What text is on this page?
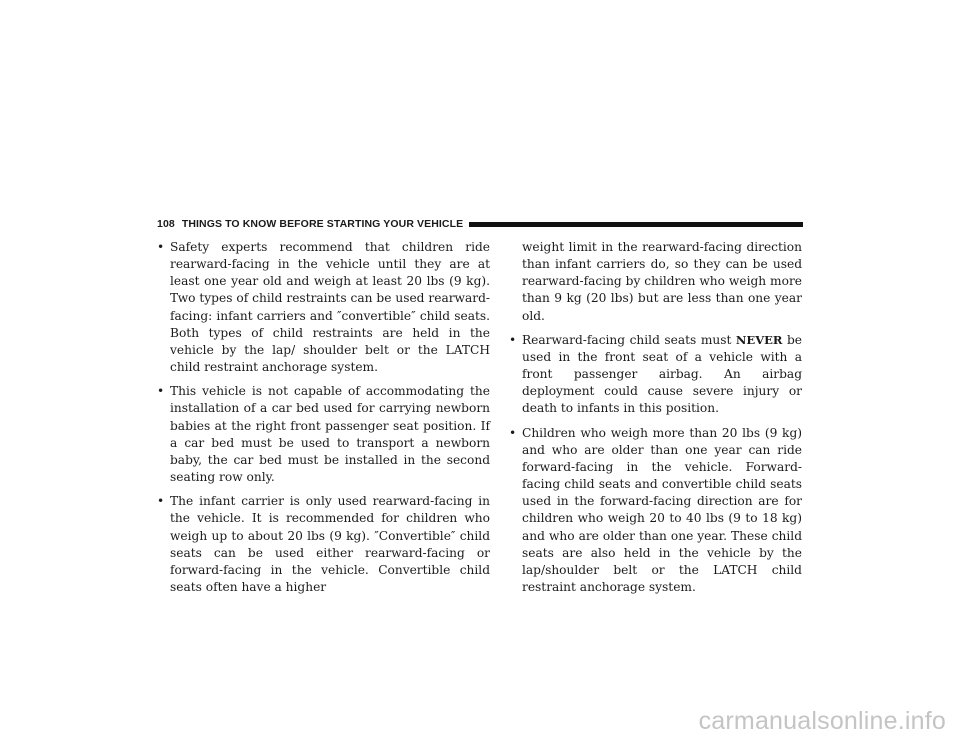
108 THINGS TO KNOW BEFORE STARTING YOUR VEHICLE
• Safety experts recommend that children ride rearward-facing in the vehicle until they are at least one year old and weigh at least 20 lbs (9 kg). Two types of child restraints can be used rearward-facing: infant carriers and ″convertible″ child seats. Both types of child restraints are held in the vehicle by the lap/ shoulder belt or the LATCH child restraint anchorage system.
• This vehicle is not capable of accommodating the installation of a car bed used for carrying newborn babies at the right front passenger seat position. If a car bed must be used to transport a newborn baby, the car bed must be installed in the second seating row only.
• The infant carrier is only used rearward-facing in the vehicle. It is recommended for children who weigh up to about 20 lbs (9 kg). ″Convertible″ child seats can be used either rearward-facing or forward-facing in the vehicle. Convertible child seats often have a higher
weight limit in the rearward-facing direction than infant carriers do, so they can be used rearward-facing by children who weigh more than 9 kg (20 lbs) but are less than one year old.
• Rearward-facing child seats must NEVER be used in the front seat of a vehicle with a front passenger airbag. An airbag deployment could cause severe injury or death to infants in this position.
• Children who weigh more than 20 lbs (9 kg) and who are older than one year can ride forward-facing in the vehicle. Forward-facing child seats and convertible child seats used in the forward-facing direction are for children who weigh 20 to 40 lbs (9 to 18 kg) and who are older than one year. These child seats are also held in the vehicle by the lap/shoulder belt or the LATCH child restraint anchorage system.
carmanualsonline.info
